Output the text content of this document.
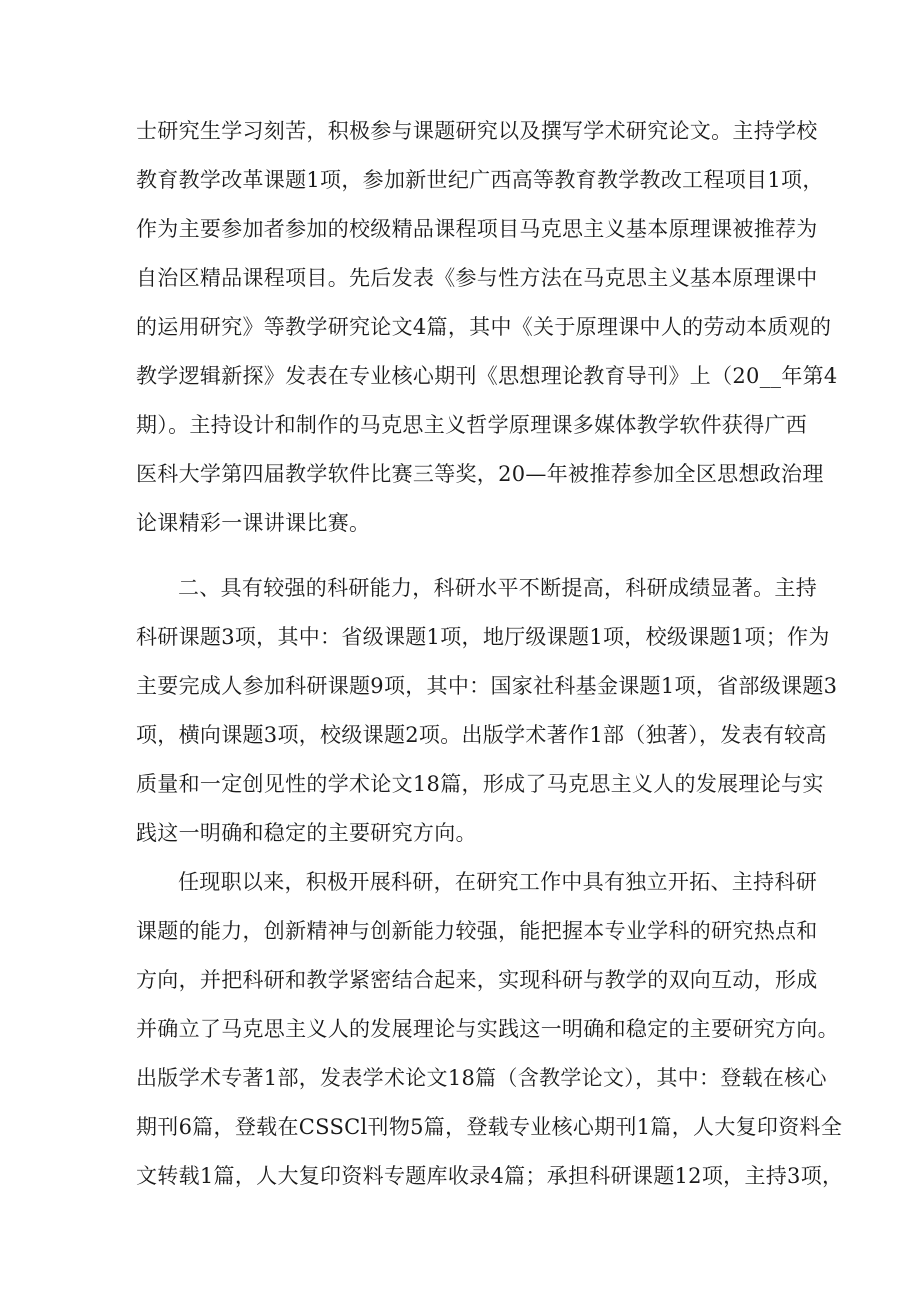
士研究生学习刻苦，积极参与课题研究以及撰写学术研究论文。主持学校
教育教学改革课题1项，参加新世纪广西高等教育教学教改工程项目1项，
作为主要参加者参加的校级精品课程项目马克思主义基本原理课被推荐为
自治区精品课程项目。先后发表《参与性方法在马克思主义基本原理课中
的运用研究》等教学研究论文4篇，其中《关于原理课中人的劳动本质观的
教学逻辑新探》发表在专业核心期刊《思想理论教育导刊》上（20__年第4
期）。主持设计和制作的马克思主义哲学原理课多媒体教学软件获得广西
医科大学第四届教学软件比赛三等奖，20—年被推荐参加全区思想政治理
论课精彩一课讲课比赛。
二、具有较强的科研能力，科研水平不断提高，科研成绩显著。主持
科研课题3项，其中：省级课题1项，地厅级课题1项，校级课题1项；作为
主要完成人参加科研课题9项，其中：国家社科基金课题1项，省部级课题3
项，横向课题3项，校级课题2项。出版学术著作1部（独著），发表有较高
质量和一定创见性的学术论文18篇，形成了马克思主义人的发展理论与实
践这一明确和稳定的主要研究方向。
任现职以来，积极开展科研，在研究工作中具有独立开拓、主持科研
课题的能力，创新精神与创新能力较强，能把握本专业学科的研究热点和
方向，并把科研和教学紧密结合起来，实现科研与教学的双向互动，形成
并确立了马克思主义人的发展理论与实践这一明确和稳定的主要研究方向。
出版学术专著1部，发表学术论文18篇（含教学论文），其中：登载在核心
期刊6篇，登载在CSSCl刊物5篇，登载专业核心期刊1篇，人大复印资料全
文转载1篇，人大复印资料专题库收录4篇；承担科研课题12项，主持3项，
